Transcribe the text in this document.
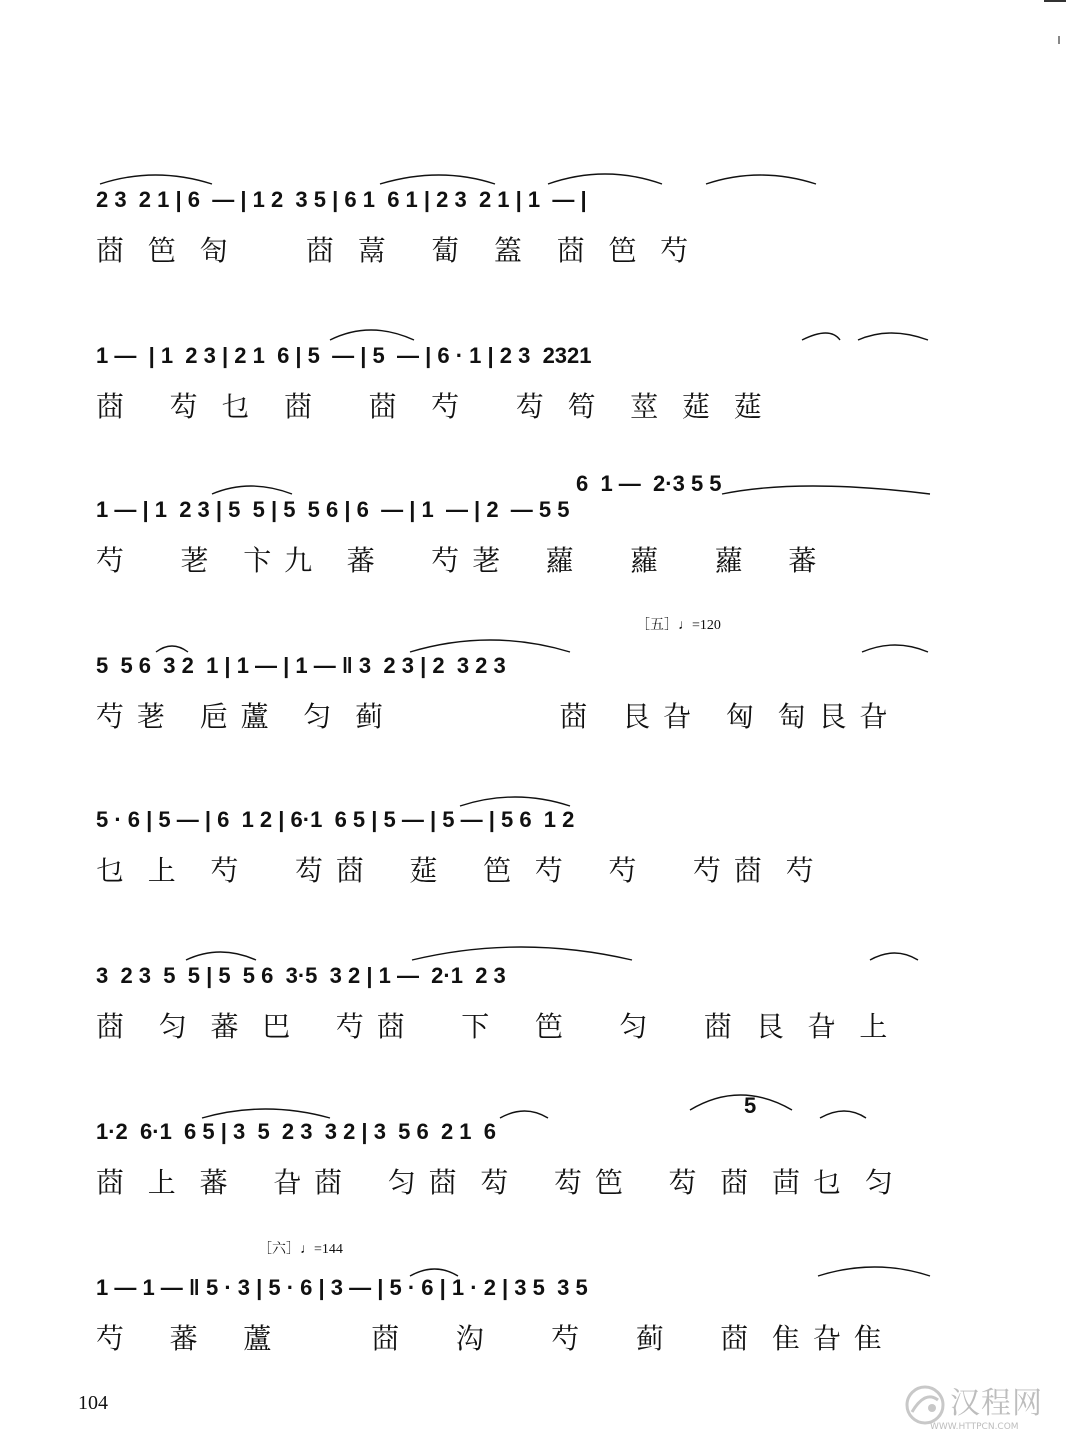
2 3  2 1 | 6  — | 1 2  3 5 | 6 1  6 1 | 2 3  2 1 | 1  — |
莔  笆  匌       莔  蒚    蔔   篕   莔  笆  芍
1 —  | 1  2 3 | 2 1  6 | 5  — | 5  — | 6 · 1 | 2 3  2321
莔    芶  乜   莔     莔   芍     芶  笱   莖  莚  莚
6  1 —  2·3 5 5
1 — | 1  2 3 | 5  5 | 5  5 6 | 6  — | 1  — | 2  — 5 5
芍     荖   卞 九   蕃     芍 荖    蘿     蘿     蘿    蕃
［五］♩=120
5  5 6  3 2  1 | 1 — | 1 — ‖ 3  2 3 | 2  3 2 3
芍 荖   巵 蘆   匀  蓟                莔   艮 旮   匈  匋 艮 旮
5 · 6 | 5 — | 6  1 2 | 6·1  6 5 | 5 — | 5 — | 5 6  1 2
乜  上   芍     芶 莔    莚    笆  芍    芍     芍 莔  芍
3  2 3  5  5 | 5  5 6  3·5  3 2 | 1 —  2·1  2 3
莔   匀  蕃  巴    芍 莔     下    笆     匀     莔  艮  旮  上
5
1·2  6·1  6 5 | 3  5  2 3  3 2 | 3  5 6  2 1  6
莔  上  蕃    旮 莔    匀 莔  芶    芶 笆    芶  莔  茴 乜  匀
［六］♩=144
1 — 1 — ‖ 5 · 3 | 5 · 6 | 3 — | 5 · 6 | 1 · 2 | 3 5  3 5
芍    蕃    蘆         莔     沟      芍     蓟     莔  隹 旮 隹
104	汉程网
WWW.HTTPCN.COM
